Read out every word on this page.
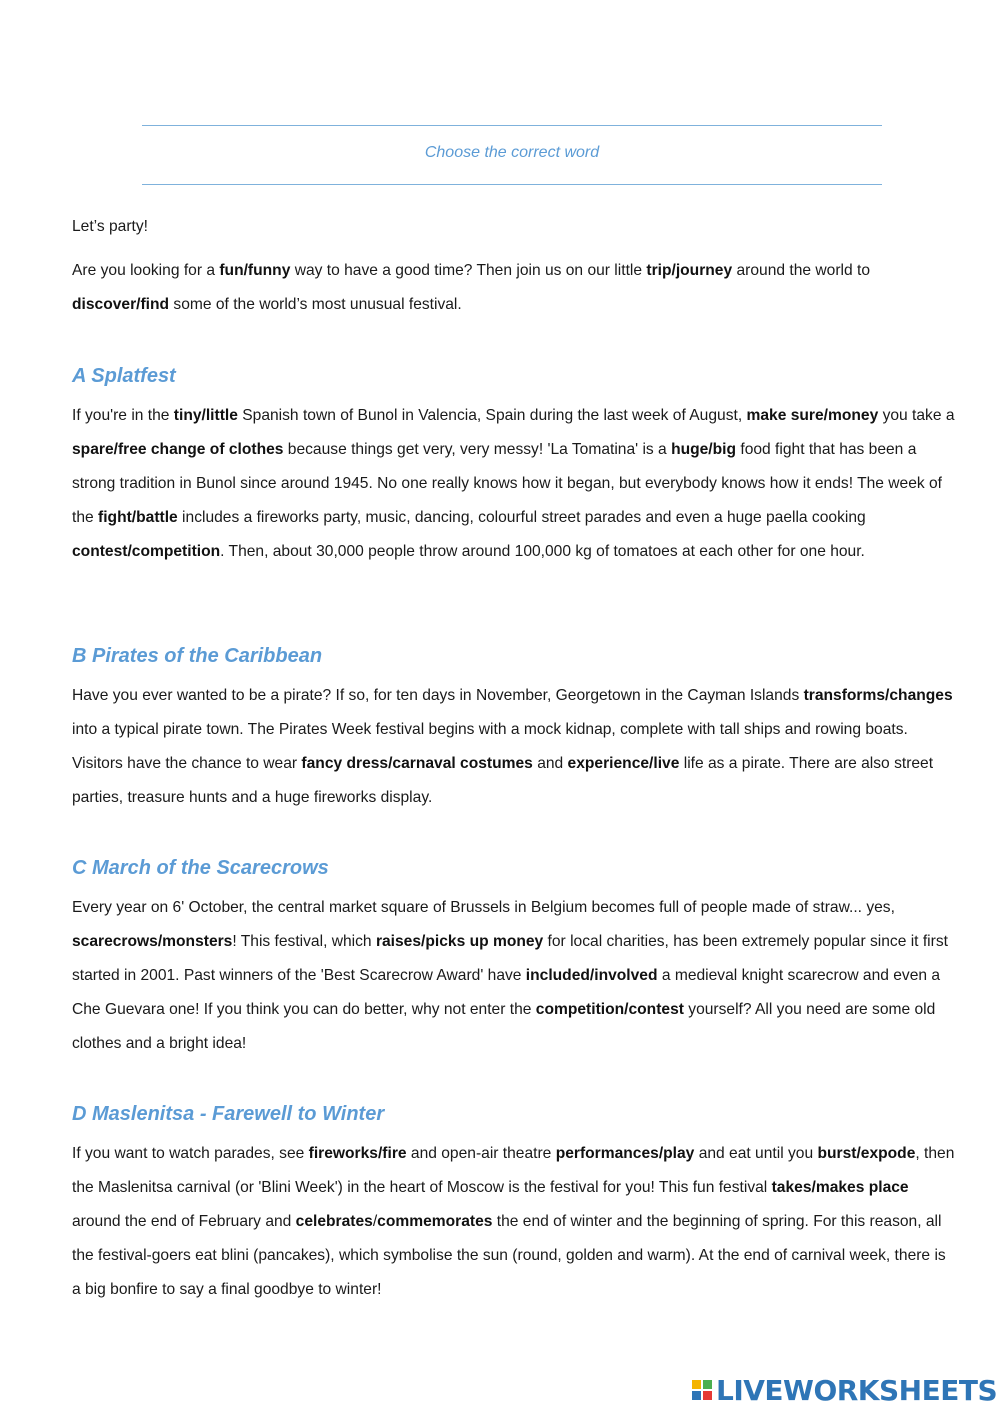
Choose the correct word

Let’s party!

Are you looking for a fun/funny way to have a good time? Then join us on our little trip/journey around the world to discover/find some of the world’s most unusual festival.

A Splatfest

If you're in the tiny/little Spanish town of Bunol in Valencia, Spain during the last week of August, make sure/money you take a spare/free change of clothes because things get very, very messy! 'La Tomatina' is a huge/big food fight that has been a strong tradition in Bunol since around 1945. No one really knows how it began, but everybody knows how it ends! The week of the fight/battle includes a fireworks party, music, dancing, colourful street parades and even a huge paella cooking contest/competition. Then, about 30,000 people throw around 100,000 kg of tomatoes at each other for one hour.

B Pirates of the Caribbean

Have you ever wanted to be a pirate? If so, for ten days in November, Georgetown in the Cayman Islands transforms/changes into a typical pirate town. The Pirates Week festival begins with a mock kidnap, complete with tall ships and rowing boats. Visitors have the chance to wear fancy dress/carnaval costumes and experience/live life as a pirate. There are also street parties, treasure hunts and a huge fireworks display.

C March of the Scarecrows

Every year on 6' October, the central market square of Brussels in Belgium becomes full of people made of straw... yes, scarecrows/monsters! This festival, which raises/picks up money for local charities, has been extremely popular since it first started in 2001. Past winners of the 'Best Scarecrow Award' have included/involved a medieval knight scarecrow and even a Che Guevara one! If you think you can do better, why not enter the competition/contest yourself? All you need are some old clothes and a bright idea!

D Maslenitsa - Farewell to Winter

If you want to watch parades, see fireworks/fire and open-air theatre performances/play and eat until you burst/expode, then the Maslenitsa carnival (or 'Blini Week') in the heart of Moscow is the festival for you! This fun festival takes/makes place around the end of February and celebrates/commemorates the end of winter and the beginning of spring. For this reason, all the festival-goers eat blini (pancakes), which symbolise the sun (round, golden and warm). At the end of carnival week, there is a big bonfire to say a final goodbye to winter!

LIVEWORKSHEETS
